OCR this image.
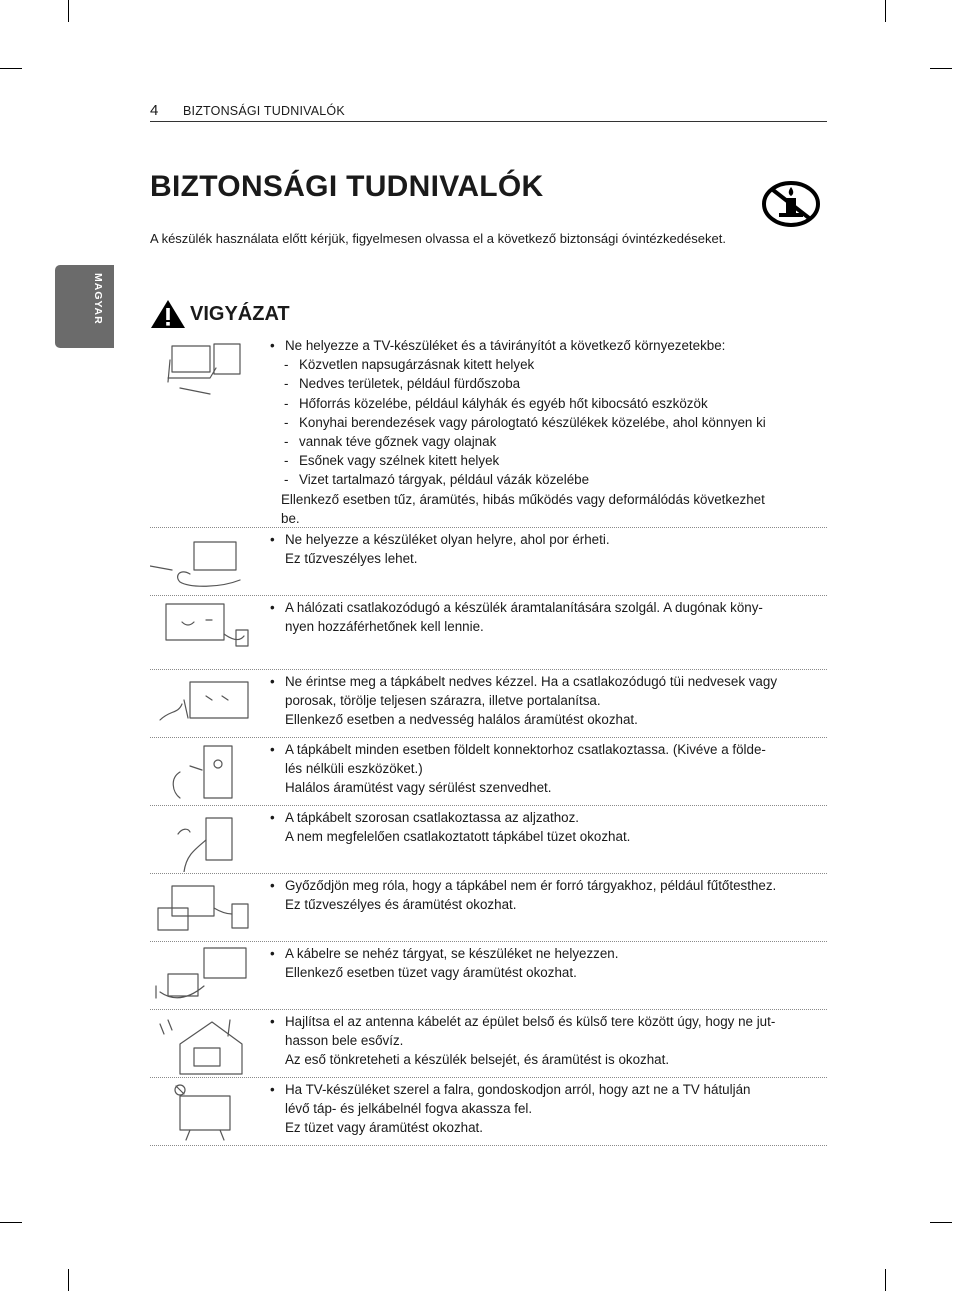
4 BIZTONSÁGI TUDNIVALÓK
MAGYAR
BIZTONSÁGI TUDNIVALÓK

A készülék használata előtt kérjük, figyelmesen olvassa el a következő biztonsági óvintézkedéseket.

VIGYÁZAT

• Ne helyezze a TV-készüléket és a távirányítót a következő környezetekbe:

- Közvetlen napsugárzásnak kitett helyek

- Nedves területek, például fürdőszoba

- Hőforrás közelébe, például kályhák és egyéb hőt kibocsátó eszközök

- Konyhai berendezések vagy párologtató készülékek közelébe, ahol könnyen ki

- vannak téve gőznek vagy olajnak

- Esőnek vagy szélnek kitett helyek

- Vizet tartalmazó tárgyak, például vázák közelébe

Ellenkező esetben tűz, áramütés, hibás működés vagy deformálódás következhet

be.

• Ne helyezze a készüléket olyan helyre, ahol por érheti.

Ez tűzveszélyes lehet.

• A hálózati csatlakozódugó a készülék áramtalanítására szolgál. A dugónak köny-

nyen hozzáférhetőnek kell lennie.

• Ne érintse meg a tápkábelt nedves kézzel. Ha a csatlakozódugó tüi nedvesek vagy

porosak, törölje teljesen szárazra, illetve portalanítsa.

Ellenkező esetben a nedvesség halálos áramütést okozhat.

• A tápkábelt minden esetben földelt konnektorhoz csatlakoztassa. (Kivéve a földe-

lés nélküli eszközöket.)

Halálos áramütést vagy sérülést szenvedhet.

• A tápkábelt szorosan csatlakoztassa az aljzathoz.

A nem megfelelően csatlakoztatott tápkábel tüzet okozhat.

• Győződjön meg róla, hogy a tápkábel nem ér forró tárgyakhoz, például fűtőtesthez.

Ez tűzveszélyes és áramütést okozhat.

• A kábelre se nehéz tárgyat, se készüléket ne helyezzen.

Ellenkező esetben tüzet vagy áramütést okozhat.

• Hajlítsa el az antenna kábelét az épület belső és külső tere között úgy, hogy ne jut-

hasson bele esővíz.

Az eső tönkreteheti a készülék belsejét, és áramütést is okozhat.

• Ha TV-készüléket szerel a falra, gondoskodjon arról, hogy azt ne a TV hátulján

lévő táp- és jelkábelnél fogva akassza fel.

Ez tüzet vagy áramütést okozhat.
